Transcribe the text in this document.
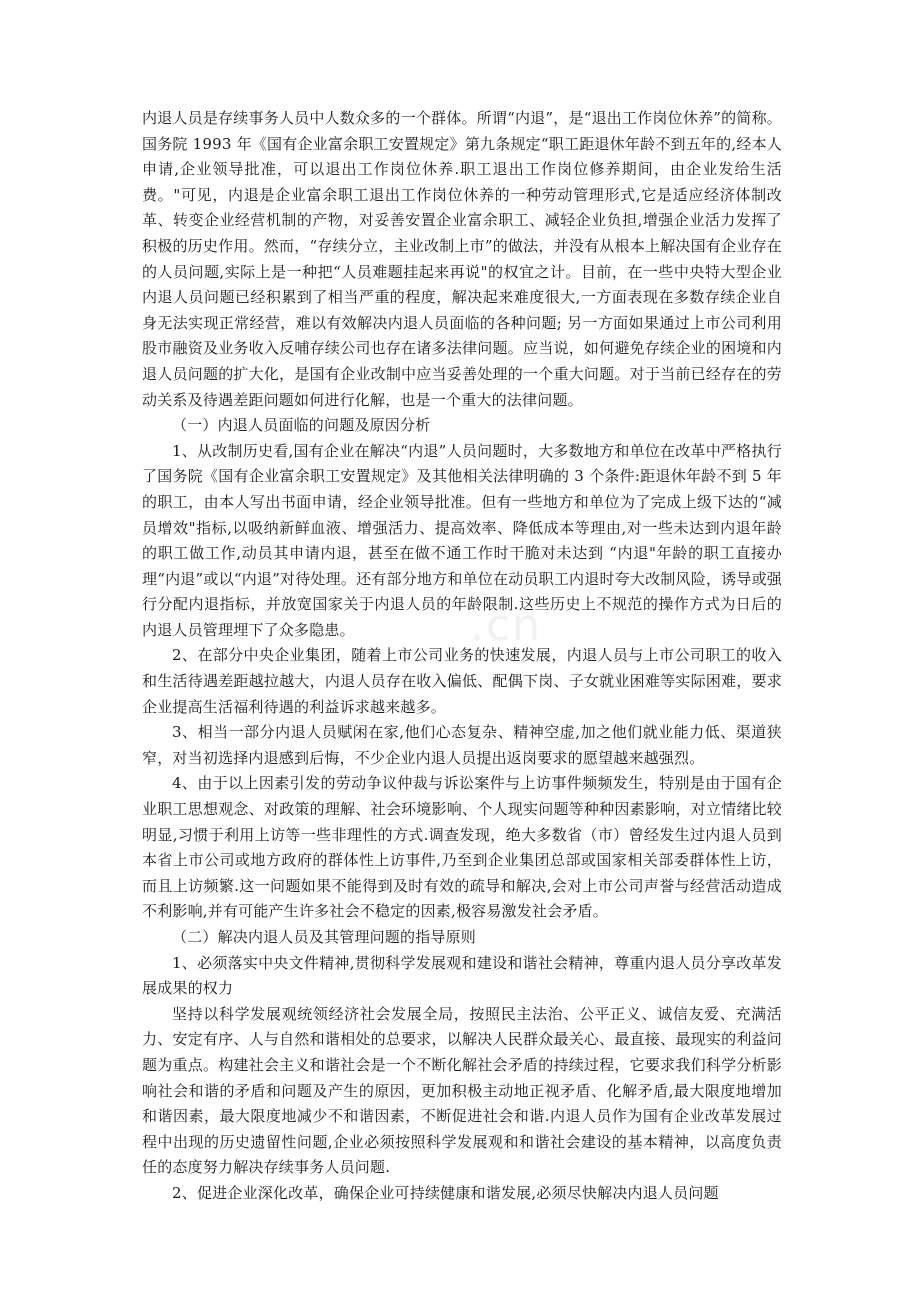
内退人员是存续事务人员中人数众多的一个群体。所谓“内退”，是“退出工作岗位休养”的简称。国务院 1993 年《国有企业富余职工安置规定》第九条规定“职工距退休年龄不到五年的,经本人申请,企业领导批准，可以退出工作岗位休养.职工退出工作岗位修养期间，由企业发给生活费。"可见，内退是企业富余职工退出工作岗位休养的一种劳动管理形式,它是适应经济体制改革、转变企业经营机制的产物，对妥善安置企业富余职工、减轻企业负担,增强企业活力发挥了积极的历史作用。然而，“存续分立，主业改制上市”的做法，并没有从根本上解决国有企业存在的人员问题,实际上是一种把“人员难题挂起来再说"的权宜之计。目前，在一些中央特大型企业内退人员问题已经积累到了相当严重的程度，解决起来难度很大,一方面表现在多数存续企业自身无法实现正常经营，难以有效解决内退人员面临的各种问题; 另一方面如果通过上市公司利用股市融资及业务收入反哺存续公司也存在诸多法律问题。应当说，如何避免存续企业的困境和内退人员问题的扩大化，是国有企业改制中应当妥善处理的一个重大问题。对于当前已经存在的劳动关系及待遇差距问题如何进行化解，也是一个重大的法律问题。

（一）内退人员面临的问题及原因分析

1、从改制历史看,国有企业在解决“内退”人员问题时，大多数地方和单位在改革中严格执行了国务院《国有企业富余职工安置规定》及其他相关法律明确的 3 个条件:距退休年龄不到 5 年的职工，由本人写出书面申请，经企业领导批准。但有一些地方和单位为了完成上级下达的“减员增效"指标,以吸纳新鲜血液、增强活力、提高效率、降低成本等理由,对一些未达到内退年龄的职工做工作,动员其申请内退，甚至在做不通工作时干脆对未达到 “内退"年龄的职工直接办理“内退”或以“内退”对待处理。还有部分地方和单位在动员职工内退时夸大改制风险，诱导或强行分配内退指标，并放宽国家关于内退人员的年龄限制.这些历史上不规范的操作方式为日后的内退人员管理埋下了众多隐患。

2、在部分中央企业集团，随着上市公司业务的快速发展，内退人员与上市公司职工的收入和生活待遇差距越拉越大，内退人员存在收入偏低、配偶下岗、子女就业困难等实际困难，要求企业提高生活福利待遇的利益诉求越来越多。

3、相当一部分内退人员赋闲在家,他们心态复杂、精神空虚,加之他们就业能力低、渠道狭窄，对当初选择内退感到后悔，不少企业内退人员提出返岗要求的愿望越来越强烈。

4、由于以上因素引发的劳动争议仲裁与诉讼案件与上访事件频频发生，特别是由于国有企业职工思想观念、对政策的理解、社会环境影响、个人现实问题等种种因素影响，对立情绪比较明显,习惯于利用上访等一些非理性的方式.调查发现，绝大多数省（市）曾经发生过内退人员到本省上市公司或地方政府的群体性上访事件,乃至到企业集团总部或国家相关部委群体性上访，而且上访频繁.这一问题如果不能得到及时有效的疏导和解决,会对上市公司声誉与经营活动造成不利影响,并有可能产生许多社会不稳定的因素,极容易激发社会矛盾。

（二）解决内退人员及其管理问题的指导原则

1、必须落实中央文件精神,贯彻科学发展观和建设和谐社会精神，尊重内退人员分享改革发展成果的权力

坚持以科学发展观统领经济社会发展全局，按照民主法治、公平正义、诚信友爱、充满活力、安定有序、人与自然和谐相处的总要求，以解决人民群众最关心、最直接、最现实的利益问题为重点。构建社会主义和谐社会是一个不断化解社会矛盾的持续过程，它要求我们科学分析影响社会和谐的矛盾和问题及产生的原因，更加积极主动地正视矛盾、化解矛盾,最大限度地增加和谐因素，最大限度地减少不和谐因素，不断促进社会和谐.内退人员作为国有企业改革发展过程中出现的历史遗留性问题,企业必须按照科学发展观和和谐社会建设的基本精神，以高度负责任的态度努力解决存续事务人员问题.

2、促进企业深化改革，确保企业可持续健康和谐发展,必须尽快解决内退人员问题

.cn
